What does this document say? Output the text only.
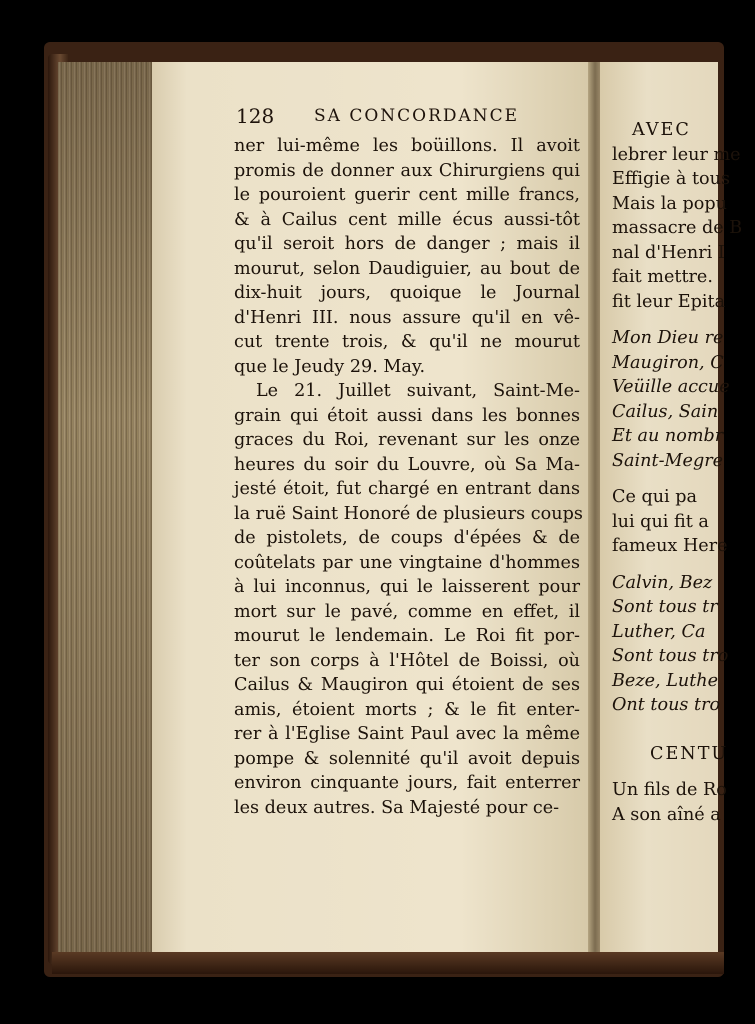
128 SA CONCORDANCE
ner lui-même les boüillons. Il avoit
promis de donner aux Chirurgiens qui
le pouroient guerir cent mille francs,
& à Cailus cent mille écus aussi-tôt
qu'il seroit hors de danger ; mais il
mourut, selon Daudiguier, au bout de
dix-huit jours, quoique le Journal
d'Henri III. nous assure qu'il en vê-
cut trente trois, & qu'il ne mourut
que le Jeudy 29. May.
Le 21. Juillet suivant, Saint-Me-
grain qui étoit aussi dans les bonnes
graces du Roi, revenant sur les onze
heures du soir du Louvre, où Sa Ma-
jesté étoit, fut chargé en entrant dans
la ruë Saint Honoré de plusieurs coups
de pistolets, de coups d'épées & de
coûtelats par une vingtaine d'hommes
à lui inconnus, qui le laisserent pour
mort sur le pavé, comme en effet, il
mourut le lendemain. Le Roi fit por-
ter son corps à l'Hôtel de Boissi, où
Cailus & Maugiron qui étoient de ses
amis, étoient morts ; & le fit enter-
rer à l'Eglise Saint Paul avec la même
pompe & solennité qu'il avoit depuis
environ cinquante jours, fait enterrer
les deux autres. Sa Majesté pour ce-
AVEC
lebrer leur me
Effigie à tous
Mais la popu
massacre de B
nal d'Henri I
fait mettre.
fit leur Epita
Mon Dieu re
Maugiron, C
Veüille accue
Cailus, Sain
Et au nombr
Saint-Megre
Ce qui pa
lui qui fit a
fameux Here
Calvin, Bez
Sont tous tr
Luther, Ca
Sont tous tro
Beze, Luthe
Ont tous tro
CENTU
Un fils de Ro
A son aîné a
